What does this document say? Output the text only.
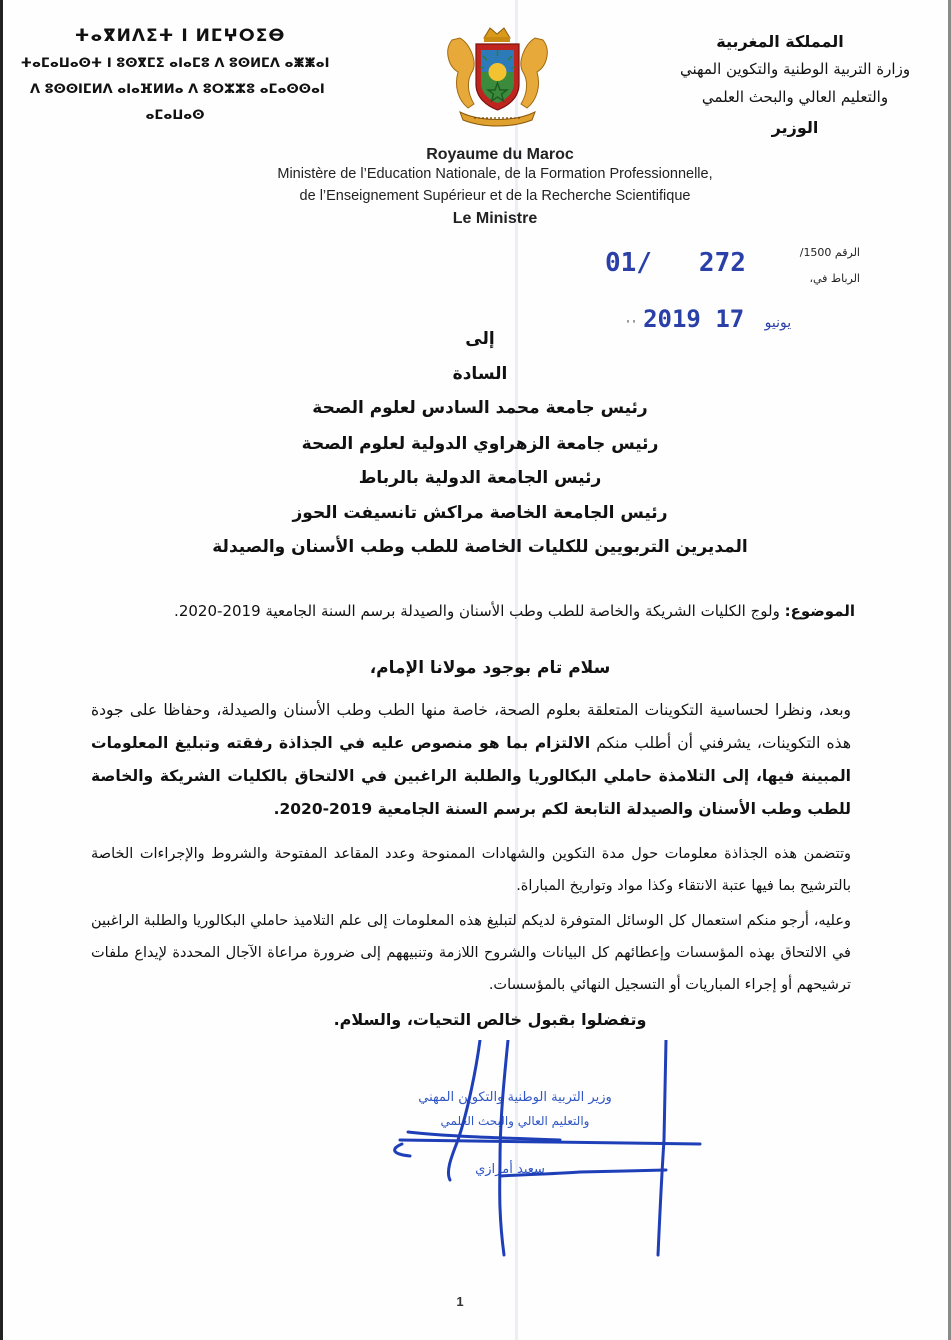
ⵜⴰⴳⵍⴷⵉⵜ ⵏ ⵍⵎⵖⵔⵉⴱ
ⵜⴰⵎⴰⵡⴰⵙⵜ ⵏ ⵓⵙⴳⵎⵉ ⴰⵏⴰⵎⵓ ⴷ ⵓⵙⵍⵎⴷ ⴰⵥⵥⴰⵏ
ⴷ ⵓⵙⵙⵏⵎⵍⴷ ⴰⵏⴰⴼⵍⵍⴰ ⴷ ⵓⵔⵣⵣⵓ ⴰⵎⴰⵙⵙⴰⵏ
ⴰⵎⴰⵡⴰⵙ
المملكة المغربية
وزارة التربية الوطنية والتكوين المهني
والتعليم العالي والبحث العلمي
الوزير
Royaume du Maroc
Ministère de l’Education Nationale, de la Formation Professionnelle,
de l’Enseignement Supérieur et de la Recherche Scientifique
Le Ministre
الرقم 1500/
الرباط في،
01/   272
'' 2019	يونيو 17
إلى
السادة
رئيس جامعة محمد السادس لعلوم الصحة
رئيس جامعة الزهراوي الدولية لعلوم الصحة
رئيس الجامعة الدولية بالرباط
رئيس الجامعة الخاصة مراكش تانسيفت الحوز
المديرين التربويين للكليات الخاصة للطب وطب الأسنان والصيدلة
الموضوع: ولوج الكليات الشريكة والخاصة للطب وطب الأسنان والصيدلة برسم السنة الجامعية 2019-2020.
سلام تام بوجود مولانا الإمام،
وبعد، ونظرا لحساسية التكوينات المتعلقة بعلوم الصحة، خاصة منها الطب وطب الأسنان والصيدلة، وحفاظا على جودة هذه التكوينات، يشرفني أن أطلب منكم الالتزام بما هو منصوص عليه في الجذاذة رفقته وتبليغ المعلومات المبينة فيها، إلى التلامذة حاملي البكالوريا والطلبة الراغبين في الالتحاق بالكليات الشريكة والخاصة للطب وطب الأسنان والصيدلة التابعة لكم برسم السنة الجامعية 2019-2020.
وتتضمن هذه الجذاذة معلومات حول مدة التكوين والشهادات الممنوحة وعدد المقاعد المفتوحة والشروط والإجراءات الخاصة بالترشيح بما فيها عتبة الانتقاء وكذا مواد وتواريخ المباراة.
وعليه، أرجو منكم استعمال كل الوسائل المتوفرة لديكم لتبليغ هذه المعلومات إلى علم التلاميذ حاملي البكالوريا والطلبة الراغبين في الالتحاق بهذه المؤسسات وإعطائهم كل البيانات والشروح اللازمة وتنبيههم إلى ضرورة مراعاة الآجال المحددة لإيداع ملفات ترشيحهم أو إجراء المباريات أو التسجيل النهائي بالمؤسسات.
وتفضلوا بقبول خالص التحيات، والسلام.
وزير التربية الوطنية والتكوين المهني
والتعليم العالي والبحث العلمي
سعيد أمزازي
1
